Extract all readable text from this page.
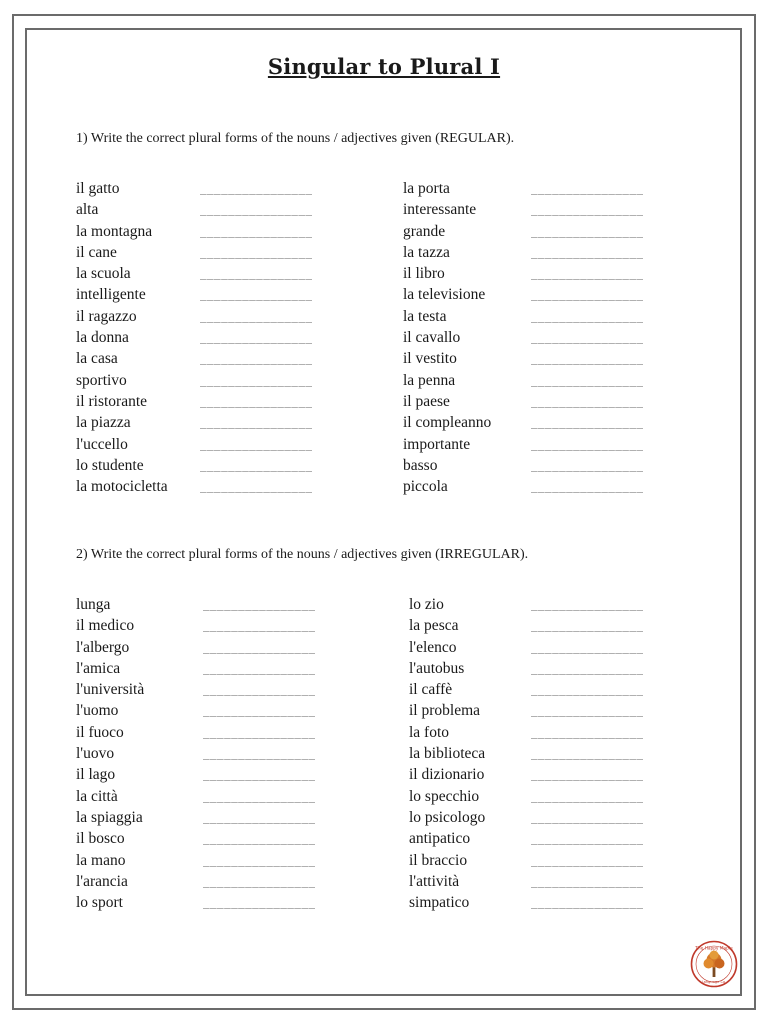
Singular to Plural I
1) Write the correct plural forms of the nouns / adjectives given (REGULAR).
il gatto	________________
alta	________________
la montagna	________________
il cane	________________
la scuola	________________
intelligente	________________
il ragazzo	________________
la donna	________________
la casa	________________
sportivo	________________
il ristorante	________________
la piazza	________________
l'uccello	________________
lo studente	________________
la motocicletta	________________
la porta	________________
interessante	________________
grande	________________
la tazza	________________
il libro	________________
la televisione	________________
la testa	________________
il cavallo	________________
il vestito	________________
la penna	________________
il paese	________________
il compleanno	________________
importante	________________
basso	________________
piccola	________________
2) Write the correct plural forms of the nouns / adjectives given (IRREGULAR).
lunga	________________
il medico	________________
l'albergo	________________
l'amica	________________
l'università	________________
l'uomo	________________
il fuoco	________________
l'uovo	________________
il lago	________________
la città	________________
la spiaggia	________________
il bosco	________________
la mano	________________
l'arancia	________________
lo sport	________________
lo zio	________________
la pesca	________________
l'elenco	________________
l'autobus	________________
il caffè	________________
il problema	________________
la foto	________________
la biblioteca	________________
il dizionario	________________
lo specchio	________________
lo psicologo	________________
antipatico	________________
il braccio	________________
l'attività	________________
simpatico	________________
The Happy Maple
Language Co.
